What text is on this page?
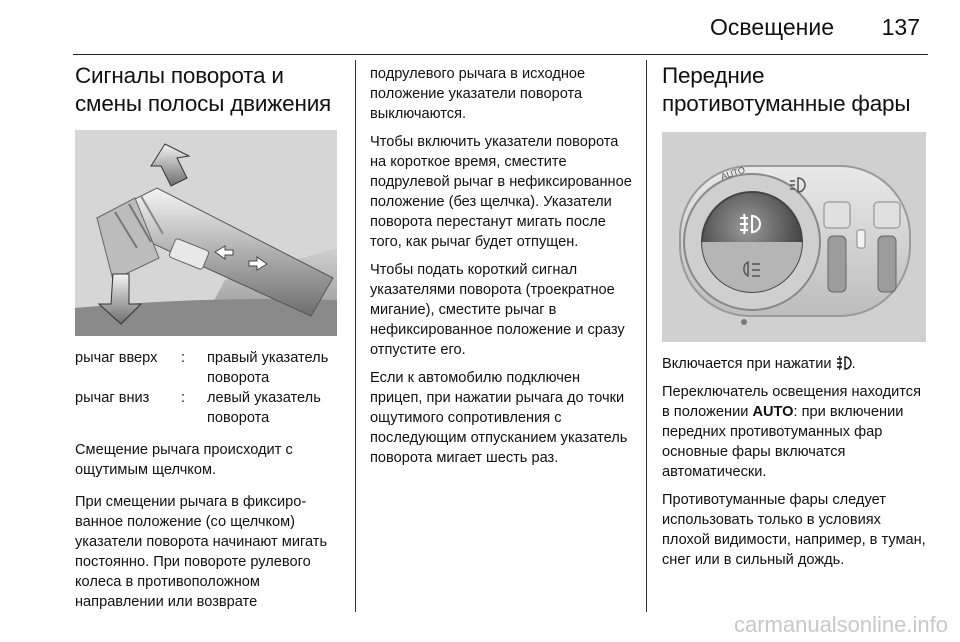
Освещение 137
Сигналы поворота и смены полосы движения
рычаг вверх	:	правый указатель поворота
рычаг вниз	:	левый указатель поворота

Смещение рычага происходит с ощутимым щелчком.

При смещении рычага в фиксированное положение (со щелчком) указатели поворота начинают мигать постоянно. При повороте рулевого колеса в противоположном направлении или возврате

подрулевого рычага в исходное положение указатели поворота выключаются.

Чтобы включить указатели поворота на короткое время, сместите подрулевой рычаг в нефиксированное положение (без щелчка). Указатели поворота перестанут мигать после того, как рычаг будет отпущен.

Чтобы подать короткий сигнал указателями поворота (троекратное мигание), сместите рычаг в нефиксированное положение и сразу отпустите его.

Если к автомобилю подключен прицеп, при нажатии рычага до точки ощутимого сопротивления с последующим отпусканием указатель поворота мигает шесть раз.

Передние противотуманные фары
AUTO

Включается при нажатии .

Переключатель освещения находится в положении AUTO: при включении передних противотуманных фар основные фары включатся автоматически.

Противотуманные фары следует использовать только в условиях плохой видимости, например, в туман, снег или в сильный дождь.

carmanualsonline.info
